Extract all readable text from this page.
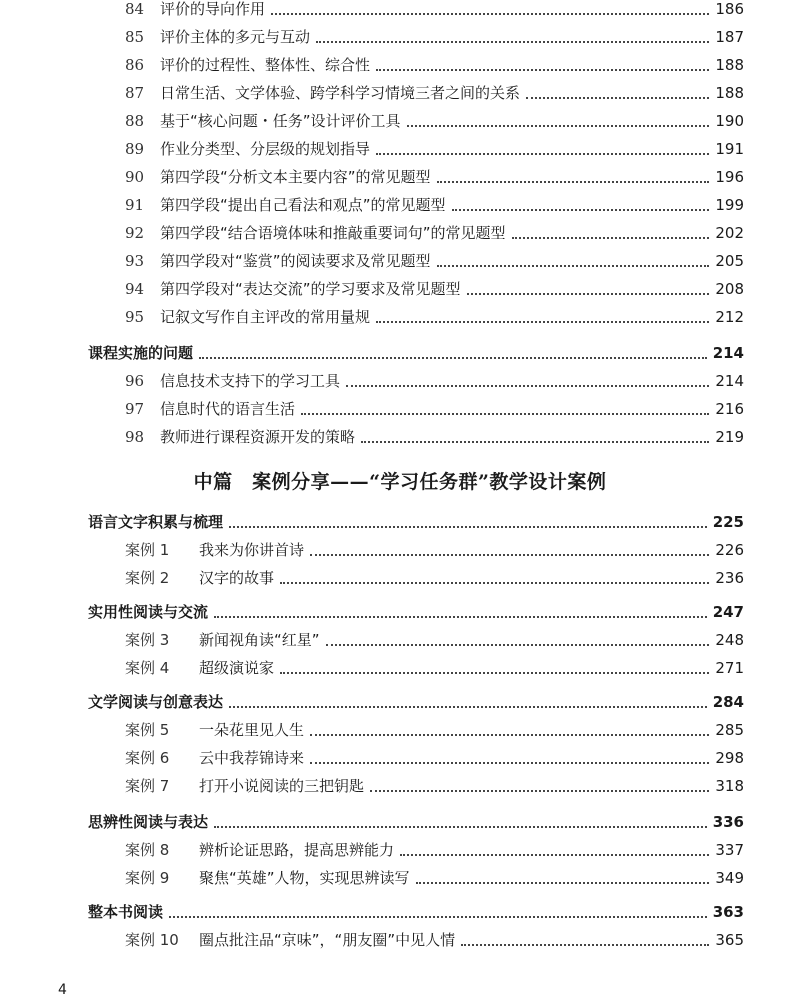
84	评价的导向作用	186
85	评价主体的多元与互动	187
86	评价的过程性、整体性、综合性	188
87	日常生活、文学体验、跨学科学习情境三者之间的关系	188
88	基于“核心问题・任务”设计评价工具	190
89	作业分类型、分层级的规划指导	191
90	第四学段“分析文本主要内容”的常见题型	196
91	第四学段“提出自己看法和观点”的常见题型	199
92	第四学段“结合语境体味和推敲重要词句”的常见题型	202
93	第四学段对“鉴赏”的阅读要求及常见题型	205
94	第四学段对“表达交流”的学习要求及常见题型	208
95	记叙文写作自主评改的常用量规	212
课程实施的问题	214
96	信息技术支持下的学习工具	214
97	信息时代的语言生活	216
98	教师进行课程资源开发的策略	219
中篇　案例分享——“学习任务群”教学设计案例
语言文字积累与梳理	225
案例 1	我来为你讲首诗	226
案例 2	汉字的故事	236
实用性阅读与交流	247
案例 3	新闻视角读“红星”	248
案例 4	超级演说家	271
文学阅读与创意表达	284
案例 5	一朵花里见人生	285
案例 6	云中我荐锦诗来	298
案例 7	打开小说阅读的三把钥匙	318
思辨性阅读与表达	336
案例 8	辨析论证思路，提高思辨能力	337
案例 9	聚焦“英雄”人物，实现思辨读写	349
整本书阅读	363
案例 10	圈点批注品“京味”，“朋友圈”中见人情	365
4
